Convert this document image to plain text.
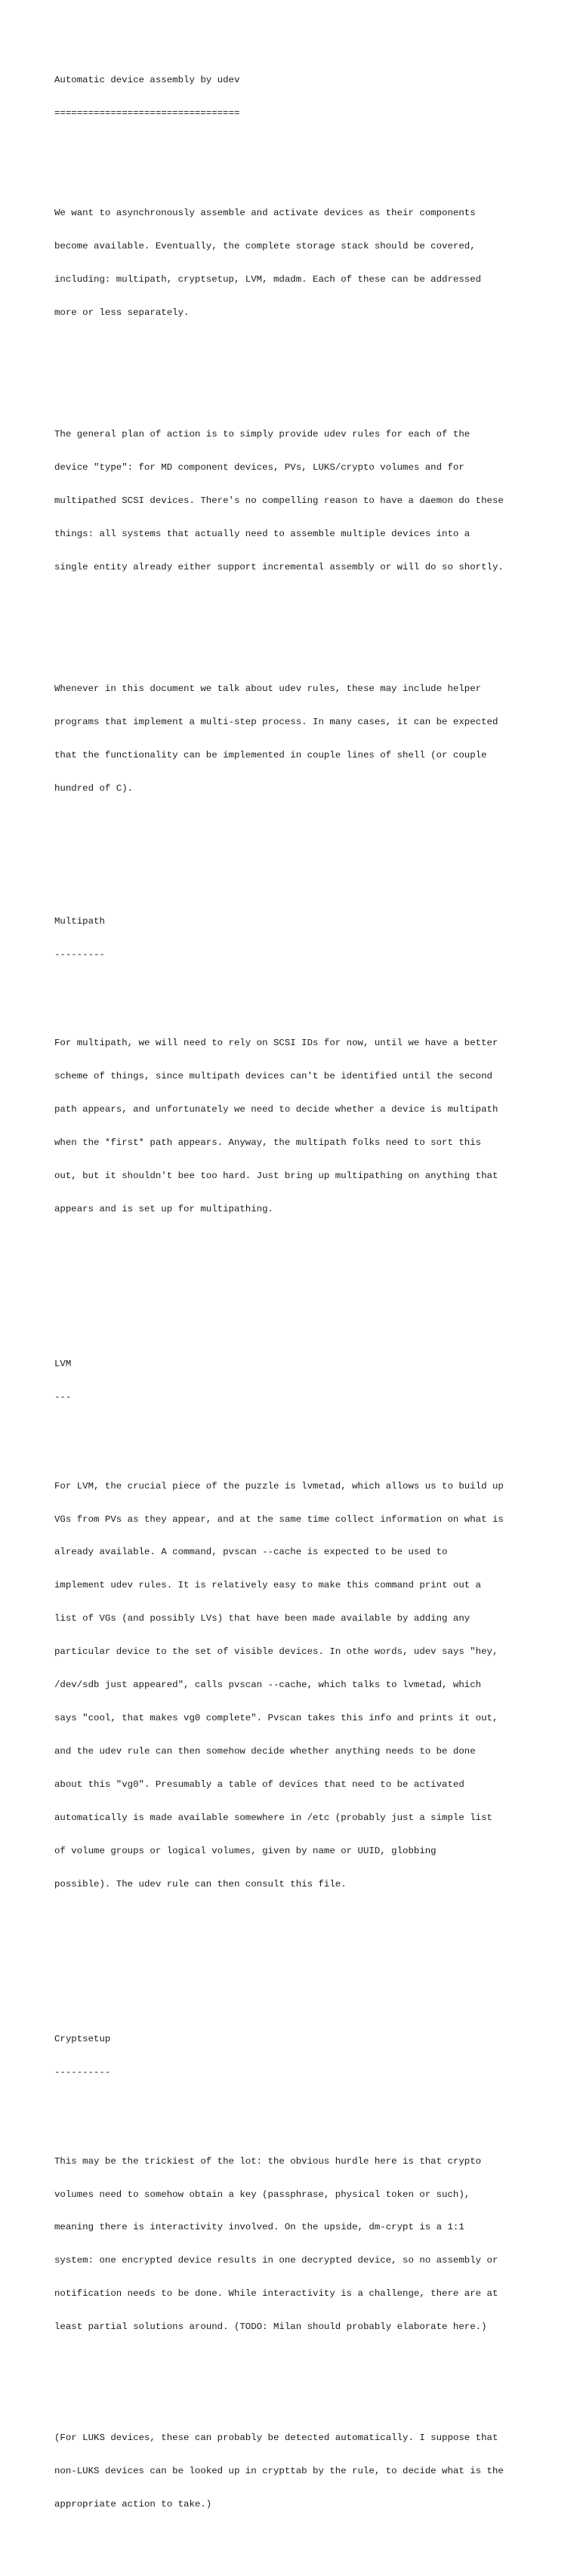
Automatic device assembly by udev

=================================

We want to asynchronously assemble and activate devices as their components

become available. Eventually, the complete storage stack should be covered,

including: multipath, cryptsetup, LVM, mdadm. Each of these can be addressed

more or less separately.

The general plan of action is to simply provide udev rules for each of the

device "type": for MD component devices, PVs, LUKS/crypto volumes and for

multipathed SCSI devices. There's no compelling reason to have a daemon do these

things: all systems that actually need to assemble multiple devices into a

single entity already either support incremental assembly or will do so shortly.

Whenever in this document we talk about udev rules, these may include helper

programs that implement a multi-step process. In many cases, it can be expected

that the functionality can be implemented in couple lines of shell (or couple

hundred of C).

Multipath

---------

For multipath, we will need to rely on SCSI IDs for now, until we have a better

scheme of things, since multipath devices can't be identified until the second

path appears, and unfortunately we need to decide whether a device is multipath

when the *first* path appears. Anyway, the multipath folks need to sort this

out, but it shouldn't bee too hard. Just bring up multipathing on anything that

appears and is set up for multipathing.

LVM

---

For LVM, the crucial piece of the puzzle is lvmetad, which allows us to build up

VGs from PVs as they appear, and at the same time collect information on what is

already available. A command, pvscan --cache is expected to be used to

implement udev rules. It is relatively easy to make this command print out a

list of VGs (and possibly LVs) that have been made available by adding any

particular device to the set of visible devices. In othe words, udev says "hey,

/dev/sdb just appeared", calls pvscan --cache, which talks to lvmetad, which

says "cool, that makes vg0 complete". Pvscan takes this info and prints it out,

and the udev rule can then somehow decide whether anything needs to be done

about this "vg0". Presumably a table of devices that need to be activated

automatically is made available somewhere in /etc (probably just a simple list

of volume groups or logical volumes, given by name or UUID, globbing

possible). The udev rule can then consult this file.

Cryptsetup

----------

This may be the trickiest of the lot: the obvious hurdle here is that crypto

volumes need to somehow obtain a key (passphrase, physical token or such),

meaning there is interactivity involved. On the upside, dm-crypt is a 1:1

system: one encrypted device results in one decrypted device, so no assembly or

notification needs to be done. While interactivity is a challenge, there are at

least partial solutions around. (TODO: Milan should probably elaborate here.)

(For LUKS devices, these can probably be detected automatically. I suppose that

non-LUKS devices can be looked up in crypttab by the rule, to decide what is the

appropriate action to take.)
